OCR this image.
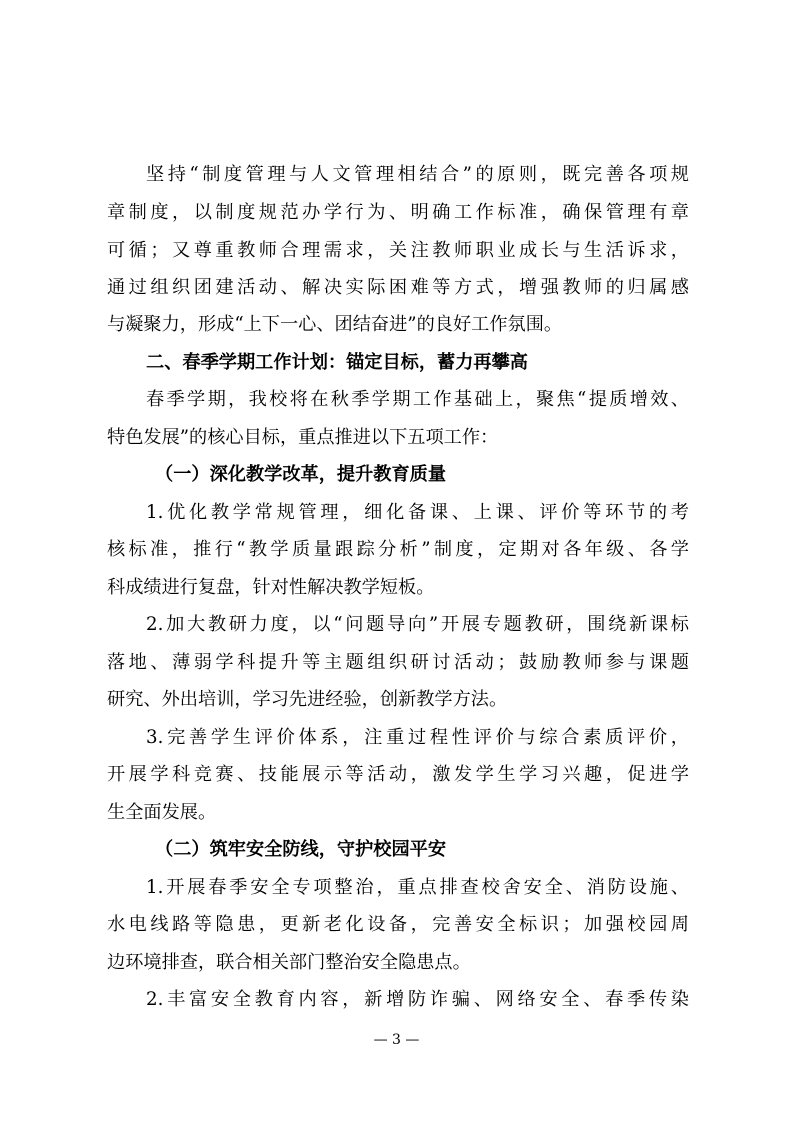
坚持“制度管理与人文管理相结合”的原则，既完善各项规
章制度，以制度规范办学行为、明确工作标准，确保管理有章
可循；又尊重教师合理需求，关注教师职业成长与生活诉求，
通过组织团建活动、解决实际困难等方式，增强教师的归属感
与凝聚力，形成“上下一心、团结奋进”的良好工作氛围。
二、春季学期工作计划：锚定目标，蓄力再攀高
春季学期，我校将在秋季学期工作基础上，聚焦“提质增效、
特色发展”的核心目标，重点推进以下五项工作：
（一）深化教学改革，提升教育质量
1.优化教学常规管理，细化备课、上课、评价等环节的考
核标准，推行“教学质量跟踪分析”制度，定期对各年级、各学
科成绩进行复盘，针对性解决教学短板。
2.加大教研力度，以“问题导向”开展专题教研，围绕新课标
落地、薄弱学科提升等主题组织研讨活动；鼓励教师参与课题
研究、外出培训，学习先进经验，创新教学方法。
3.完善学生评价体系，注重过程性评价与综合素质评价，
开展学科竞赛、技能展示等活动，激发学生学习兴趣，促进学
生全面发展。
（二）筑牢安全防线，守护校园平安
1.开展春季安全专项整治，重点排查校舍安全、消防设施、
水电线路等隐患，更新老化设备，完善安全标识；加强校园周
边环境排查，联合相关部门整治安全隐患点。
2.丰富安全教育内容，新增防诈骗、网络安全、春季传染
— 3 —
